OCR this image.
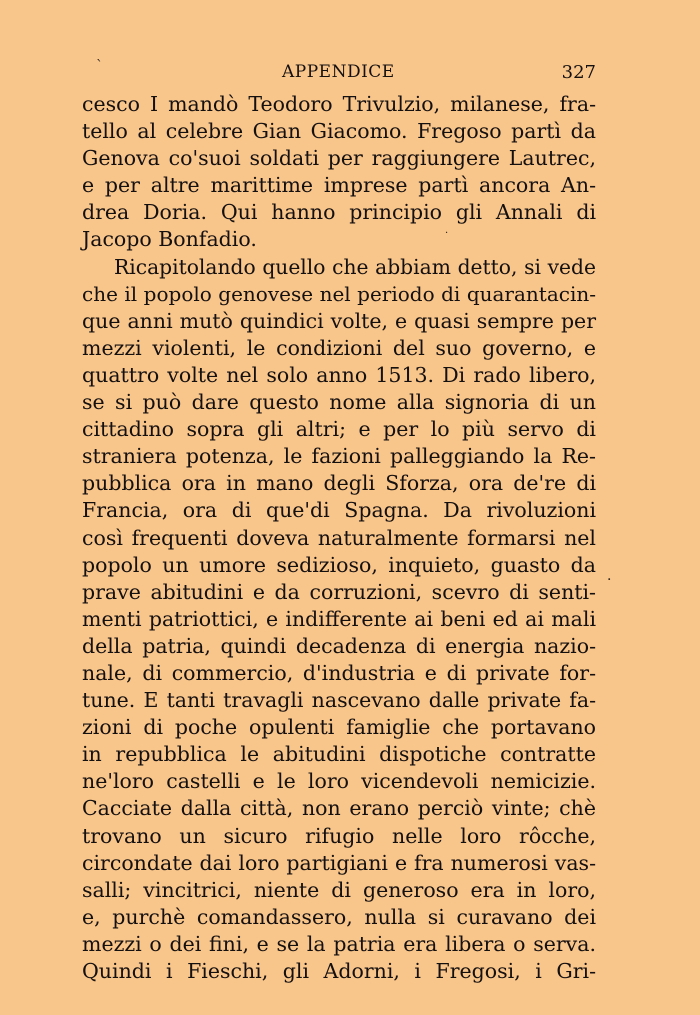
`	APPENDICE	327
·
·
cesco I mandò Teodoro Trivulzio, milanese, fra-
tello al celebre Gian Giacomo. Fregoso partì da
Genova co'suoi soldati per raggiungere Lautrec,
e per altre marittime imprese partì ancora An-
drea Doria. Qui hanno principio gli Annali di
Jacopo Bonfadio.
Ricapitolando quello che abbiam detto, si vede
che il popolo genovese nel periodo di quarantacin-
que anni mutò quindici volte, e quasi sempre per
mezzi violenti, le condizioni del suo governo, e
quattro volte nel solo anno 1513. Di rado libero,
se si può dare questo nome alla signoria di un
cittadino sopra gli altri; e per lo più servo di
straniera potenza, le fazioni palleggiando la Re-
pubblica ora in mano degli Sforza, ora de're di
Francia, ora di que'di Spagna. Da rivoluzioni
così frequenti doveva naturalmente formarsi nel
popolo un umore sedizioso, inquieto, guasto da
prave abitudini e da corruzioni, scevro di senti-
menti patriottici, e indifferente ai beni ed ai mali
della patria, quindi decadenza di energia nazio-
nale, di commercio, d'industria e di private for-
tune. E tanti travagli nascevano dalle private fa-
zioni di poche opulenti famiglie che portavano
in repubblica le abitudini dispotiche contratte
ne'loro castelli e le loro vicendevoli nemicizie.
Cacciate dalla città, non erano perciò vinte; chè
trovano un sicuro rifugio nelle loro rôcche,
circondate dai loro partigiani e fra numerosi vas-
salli; vincitrici, niente di generoso era in loro,
e, purchè comandassero, nulla si curavano dei
mezzi o dei fini, e se la patria era libera o serva.
Quindi i Fieschi, gli Adorni, i Fregosi, i Gri-
